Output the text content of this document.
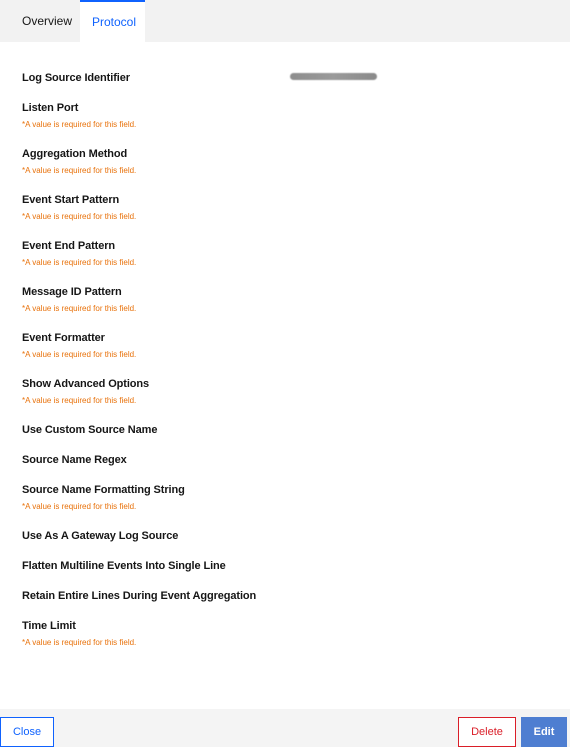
Overview	Protocol
Log Source Identifier
Listen Port
*A value is required for this field.
Aggregation Method
*A value is required for this field.
Event Start Pattern
*A value is required for this field.
Event End Pattern
*A value is required for this field.
Message ID Pattern
*A value is required for this field.
Event Formatter
*A value is required for this field.
Show Advanced Options
*A value is required for this field.
Use Custom Source Name
Source Name Regex
Source Name Formatting String
*A value is required for this field.
Use As A Gateway Log Source
Flatten Multiline Events Into Single Line
Retain Entire Lines During Event Aggregation
Time Limit
*A value is required for this field.
Close	Delete	Edit
